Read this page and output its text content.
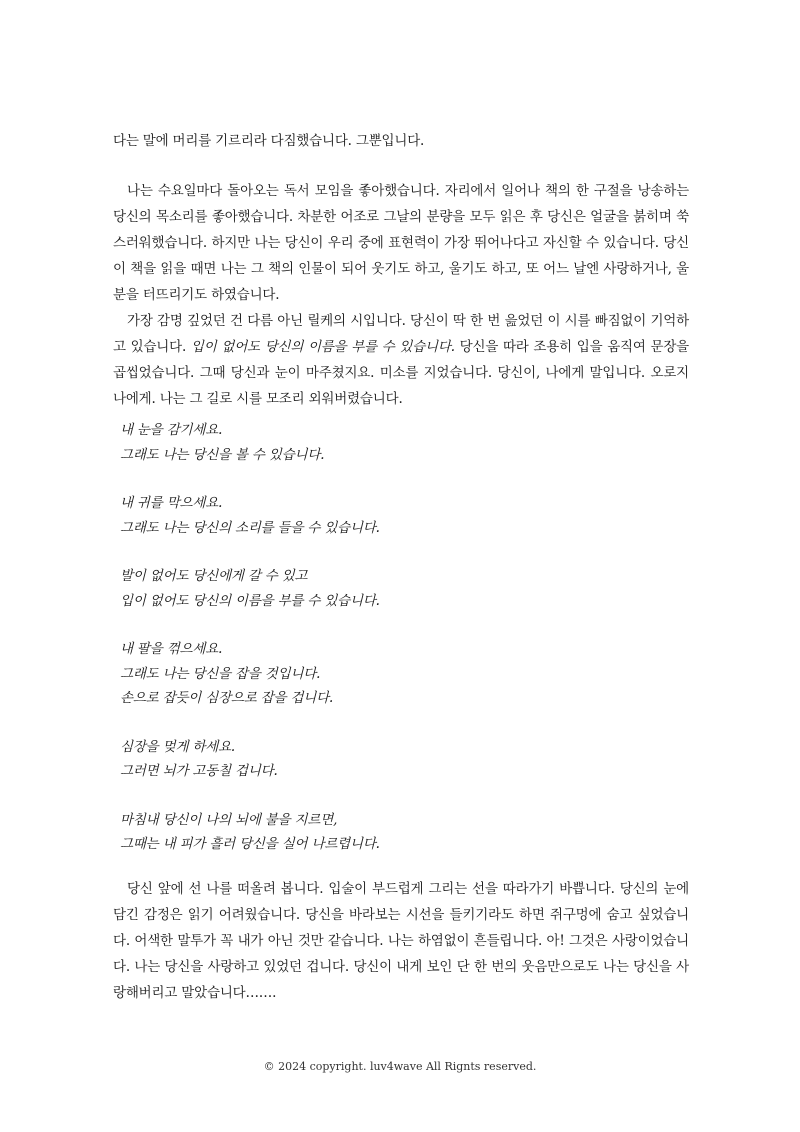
다는 말에 머리를 기르리라 다짐했습니다. 그뿐입니다.

나는 수요일마다 돌아오는 독서 모임을 좋아했습니다. 자리에서 일어나 책의 한 구절을 낭송하는 당신의 목소리를 좋아했습니다. 차분한 어조로 그날의 분량을 모두 읽은 후 당신은 얼굴을 붉히며 쑥스러워했습니다. 하지만 나는 당신이 우리 중에 표현력이 가장 뛰어나다고 자신할 수 있습니다. 당신이 책을 읽을 때면 나는 그 책의 인물이 되어 웃기도 하고, 울기도 하고, 또 어느 날엔 사랑하거나, 울분을 터뜨리기도 하였습니다.

가장 감명 깊었던 건 다름 아닌 릴케의 시입니다. 당신이 딱 한 번 읊었던 이 시를 빠짐없이 기억하고 있습니다. 입이 없어도 당신의 이름을 부를 수 있습니다. 당신을 따라 조용히 입을 움직여 문장을 곱씹었습니다. 그때 당신과 눈이 마주쳤지요. 미소를 지었습니다. 당신이, 나에게 말입니다. 오로지 나에게. 나는 그 길로 시를 모조리 외워버렸습니다.

내 눈을 감기세요.
그래도 나는 당신을 볼 수 있습니다.
내 귀를 막으세요.
그래도 나는 당신의 소리를 들을 수 있습니다.
발이 없어도 당신에게 갈 수 있고
입이 없어도 당신의 이름을 부를 수 있습니다.
내 팔을 꺾으세요.
그래도 나는 당신을 잡을 것입니다.
손으로 잡듯이 심장으로 잡을 겁니다.
심장을 멎게 하세요.
그러면 뇌가 고동칠 겁니다.
마침내 당신이 나의 뇌에 불을 지르면,
그때는 내 피가 흘러 당신을 실어 나르렵니다.

당신 앞에 선 나를 떠올려 봅니다. 입술이 부드럽게 그리는 선을 따라가기 바쁩니다. 당신의 눈에 담긴 감정은 읽기 어려웠습니다. 당신을 바라보는 시선을 들키기라도 하면 쥐구멍에 숨고 싶었습니다. 어색한 말투가 꼭 내가 아닌 것만 같습니다. 나는 하염없이 흔들립니다. 아! 그것은 사랑이었습니다. 나는 당신을 사랑하고 있었던 겁니다. 당신이 내게 보인 단 한 번의 웃음만으로도 나는 당신을 사랑해버리고 말았습니다…….

© 2024 copyright. luv4wave All Rignts reserved.
